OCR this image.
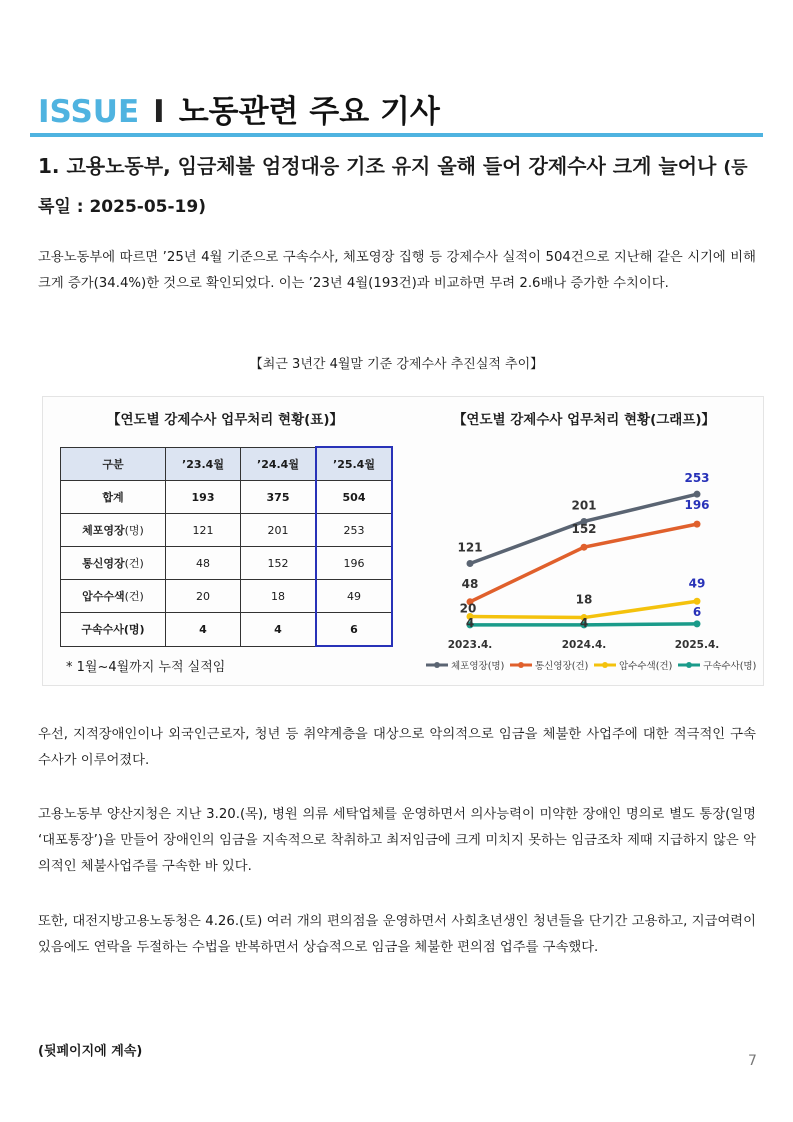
ISSUE I 노동관련 주요 기사
1. 고용노동부, 임금체불 엄정대응 기조 유지 올해 들어 강제수사 크게 늘어나 (등록일 : 2025-05-19)
고용노동부에 따르면 ’25년 4월 기준으로 구속수사, 체포영장 집행 등 강제수사 실적이 504건으로 지난해 같은 시기에 비해 크게 증가(34.4%)한 것으로 확인되었다. 이는 ’23년 4월(193건)과 비교하면 무려 2.6배나 증가한 수치이다.
【최근 3년간 4월말 기준 강제수사 추진실적 추이】
【연도별 강제수사 업무처리 현황(표)】	【연도별 강제수사 업무처리 현황(그래프)】
구분	’23.4월	’24.4월	’25.4월
합계	193	375	504
체포영장(명)	121	201	253
통신영장(건)	48	152	196
압수수색(건)	20	18	49
구속수사(명)	4	4	6
* 1월~4월까지 누적 실적임
121
201
253
48
152
196
20
18
49
4	4
6
2023.4.	2024.4.	2025.4.
체포영장(명)	통신영장(건)	압수수색(건)	구속수사(명)
우선, 지적장애인이나 외국인근로자, 청년 등 취약계층을 대상으로 악의적으로 임금을 체불한 사업주에 대한 적극적인 구속수사가 이루어졌다.
고용노동부 양산지청은 지난 3.20.(목), 병원 의류 세탁업체를 운영하면서 의사능력이 미약한 장애인 명의로 별도 통장(일명 ‘대포통장’)을 만들어 장애인의 임금을 지속적으로 착취하고 최저임금에 크게 미치지 못하는 임금조차 제때 지급하지 않은 악의적인 체불사업주를 구속한 바 있다.
또한, 대전지방고용노동청은 4.26.(토) 여러 개의 편의점을 운영하면서 사회초년생인 청년들을 단기간 고용하고, 지급여력이 있음에도 연락을 두절하는 수법을 반복하면서 상습적으로 임금을 체불한 편의점 업주를 구속했다.
(뒷페이지에 계속)
7
